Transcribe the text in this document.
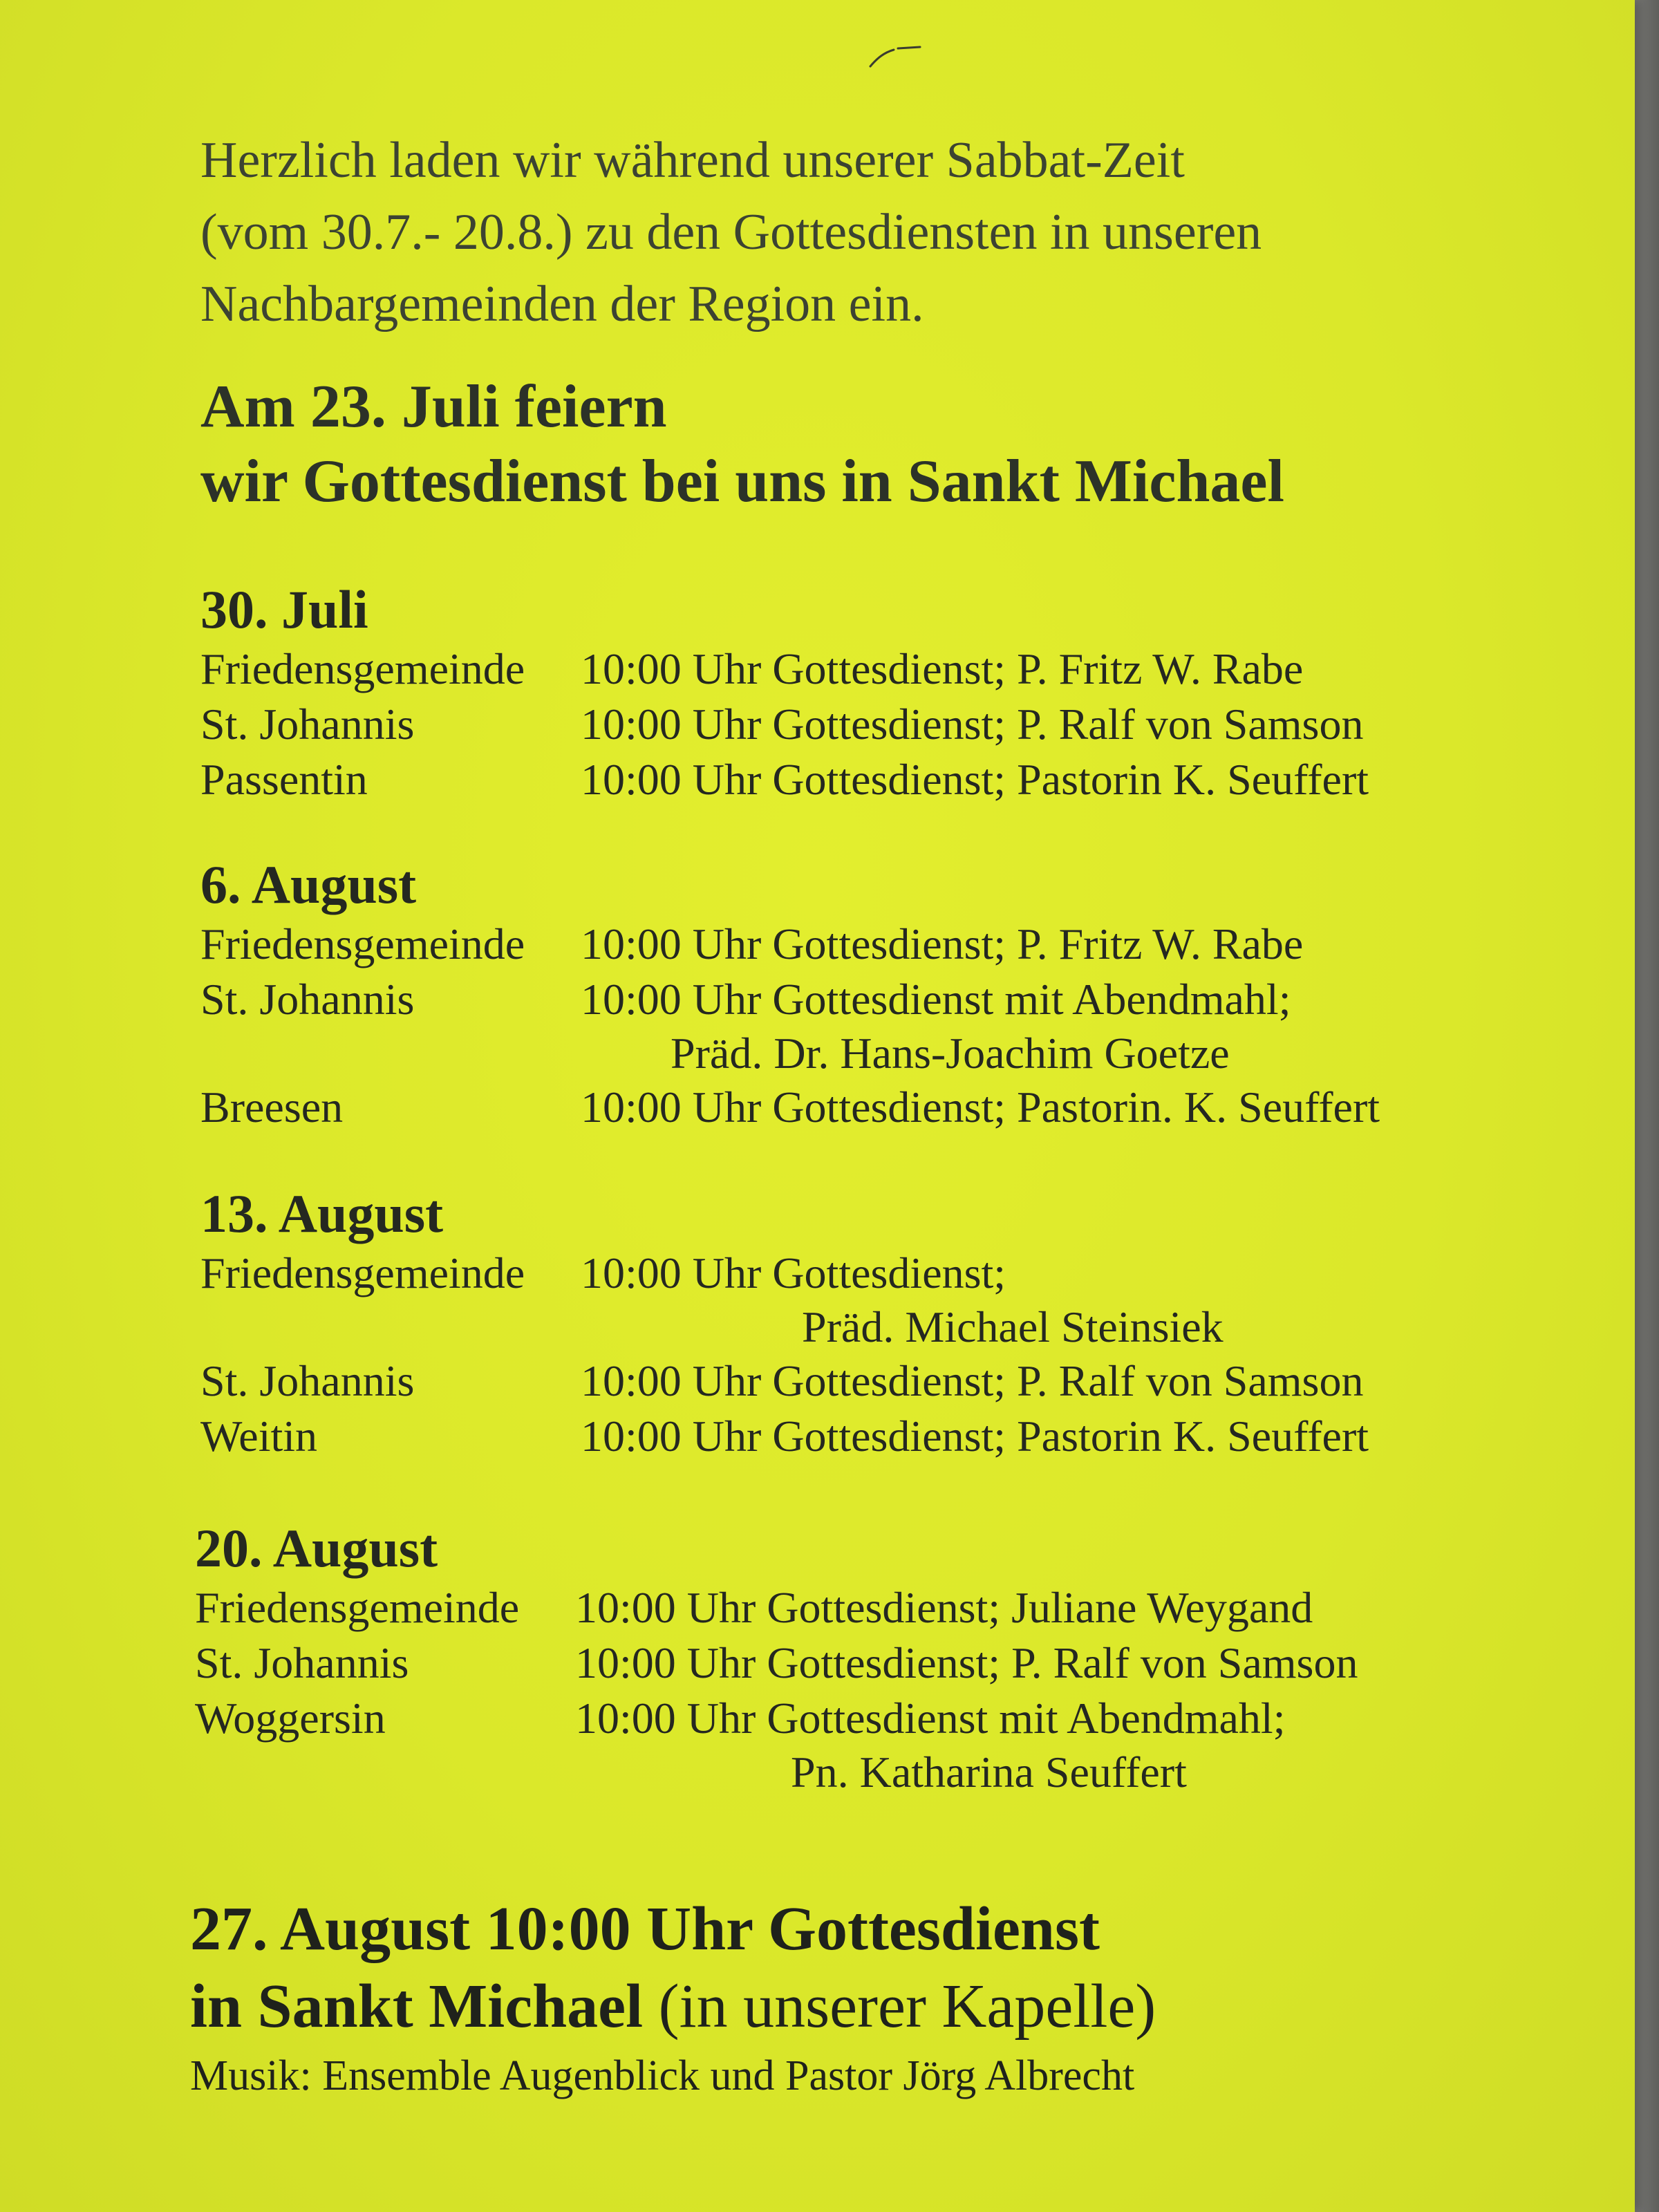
Herzlich laden wir während unserer Sabbat-Zeit
(vom 30.7.- 20.8.) zu den Gottesdiensten in unseren
Nachbargemeinden der Region ein.
Am 23. Juli feiern
wir Gottesdienst bei uns in Sankt Michael
30. Juli
Friedensgemeinde 10:00 Uhr Gottesdienst; P. Fritz W. Rabe
St. Johannis	10:00 Uhr Gottesdienst; P. Ralf von Samson
Passentin	10:00 Uhr Gottesdienst; Pastorin K. Seuffert
6. August
Friedensgemeinde 10:00 Uhr Gottesdienst; P. Fritz W. Rabe
St. Johannis	10:00 Uhr Gottesdienst mit Abendmahl;
Präd. Dr. Hans-Joachim Goetze
Breesen	10:00 Uhr Gottesdienst; Pastorin. K. Seuffert
13. August
Friedensgemeinde 10:00 Uhr Gottesdienst;
Präd. Michael Steinsiek
St. Johannis	10:00 Uhr Gottesdienst; P. Ralf von Samson
Weitin	10:00 Uhr Gottesdienst; Pastorin K. Seuffert
20. August
Friedensgemeinde 10:00 Uhr Gottesdienst; Juliane Weygand
St. Johannis	10:00 Uhr Gottesdienst; P. Ralf von Samson
Woggersin	10:00 Uhr Gottesdienst mit Abendmahl;
Pn. Katharina Seuffert
27. August 10:00 Uhr Gottesdienst
in Sankt Michael (in unserer Kapelle)
Musik: Ensemble Augenblick und Pastor Jörg Albrecht
